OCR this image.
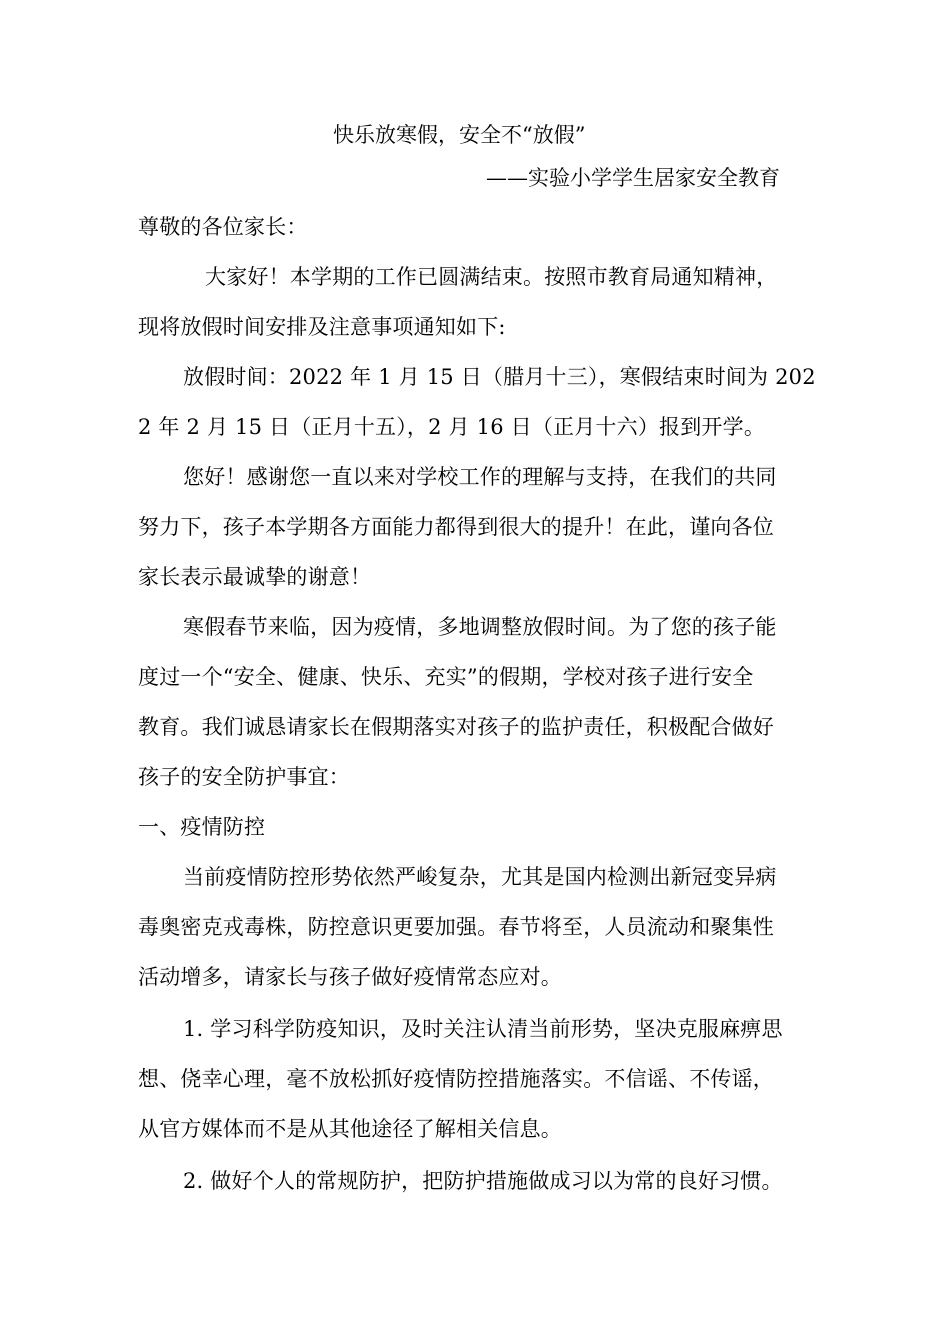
快乐放寒假，安全不“放假”
——实验小学学生居家安全教育
尊敬的各位家长：
大家好！本学期的工作已圆满结束。按照市教育局通知精神，
现将放假时间安排及注意事项通知如下:
放假时间：2022 年 1 月 15 日（腊月十三），寒假结束时间为 202
2 年 2 月 15 日（正月十五），2 月 16 日（正月十六）报到开学。
您好！感谢您一直以来对学校工作的理解与支持，在我们的共同
努力下，孩子本学期各方面能力都得到很大的提升！在此，谨向各位
家长表示最诚挚的谢意！
寒假春节来临，因为疫情，多地调整放假时间。为了您的孩子能
度过一个“安全、健康、快乐、充实”的假期，学校对孩子进行安全
教育。我们诚恳请家长在假期落实对孩子的监护责任，积极配合做好
孩子的安全防护事宜：
一、疫情防控
当前疫情防控形势依然严峻复杂，尤其是国内检测出新冠变异病
毒奥密克戎毒株，防控意识更要加强。春节将至，人员流动和聚集性
活动增多，请家长与孩子做好疫情常态应对。
1. 学习科学防疫知识，及时关注认清当前形势，坚决克服麻痹思
想、侥幸心理，毫不放松抓好疫情防控措施落实。不信谣、不传谣，
从官方媒体而不是从其他途径了解相关信息。
2. 做好个人的常规防护，把防护措施做成习以为常的良好习惯。
